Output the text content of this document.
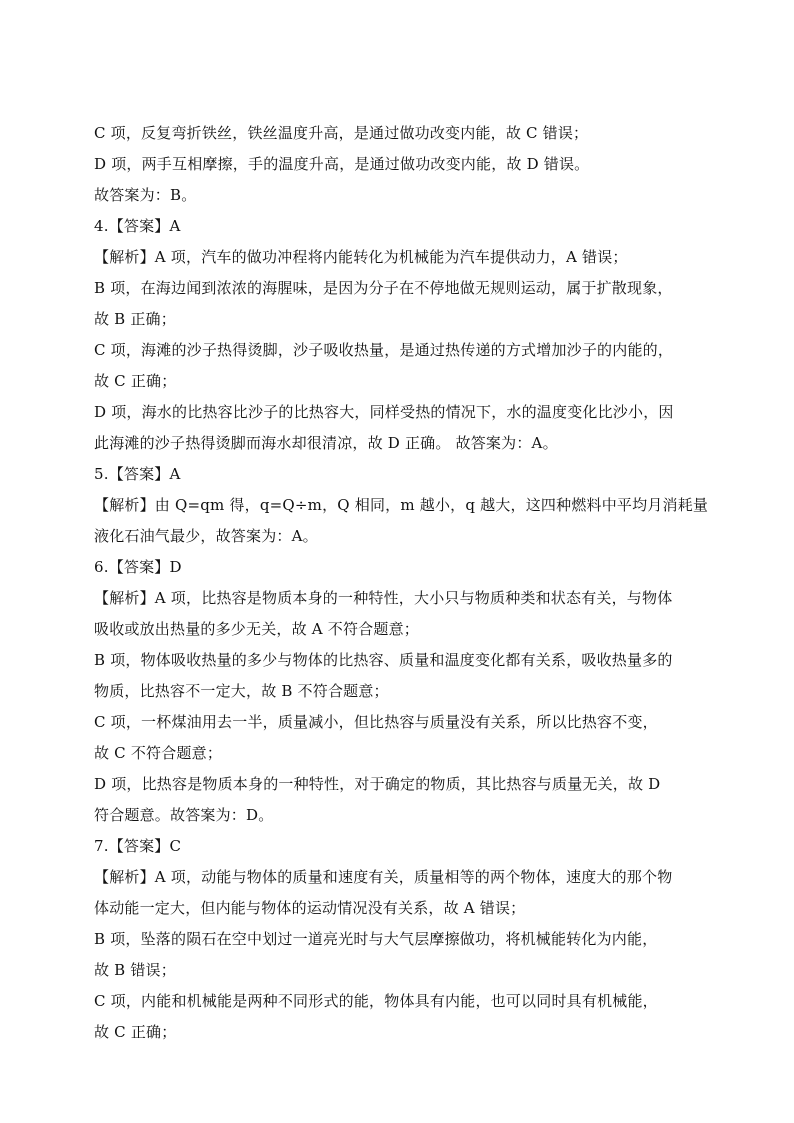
C 项，反复弯折铁丝，铁丝温度升高，是通过做功改变内能，故 C 错误；
D 项，两手互相摩擦，手的温度升高，是通过做功改变内能，故 D 错误。
故答案为：B。
4.【答案】A
【解析】A 项，汽车的做功冲程将内能转化为机械能为汽车提供动力，A 错误；
B 项，在海边闻到浓浓的海腥味，是因为分子在不停地做无规则运动，属于扩散现象，
故 B 正确；
C 项，海滩的沙子热得烫脚，沙子吸收热量，是通过热传递的方式增加沙子的内能的，
故 C 正确；
D 项，海水的比热容比沙子的比热容大，同样受热的情况下，水的温度变化比沙小，因
此海滩的沙子热得烫脚而海水却很清凉，故 D 正确。 故答案为：A。
5.【答案】A
【解析】由 Q=qm 得，q=Q÷m，Q 相同，m 越小，q 越大，这四种燃料中平均月消耗量
液化石油气最少，故答案为：A。
6.【答案】D
【解析】A 项，比热容是物质本身的一种特性，大小只与物质种类和状态有关，与物体
吸收或放出热量的多少无关，故 A 不符合题意；
B 项，物体吸收热量的多少与物体的比热容、质量和温度变化都有关系，吸收热量多的
物质，比热容不一定大，故 B 不符合题意；
C 项，一杯煤油用去一半，质量减小，但比热容与质量没有关系，所以比热容不变，
故 C 不符合题意；
D 项，比热容是物质本身的一种特性，对于确定的物质，其比热容与质量无关，故 D
符合题意。故答案为：D。
7.【答案】C
【解析】A 项，动能与物体的质量和速度有关，质量相等的两个物体，速度大的那个物
体动能一定大，但内能与物体的运动情况没有关系，故 A 错误；
B 项，坠落的陨石在空中划过一道亮光时与大气层摩擦做功，将机械能转化为内能，
故 B 错误；
C 项，内能和机械能是两种不同形式的能，物体具有内能，也可以同时具有机械能，
故 C 正确；
